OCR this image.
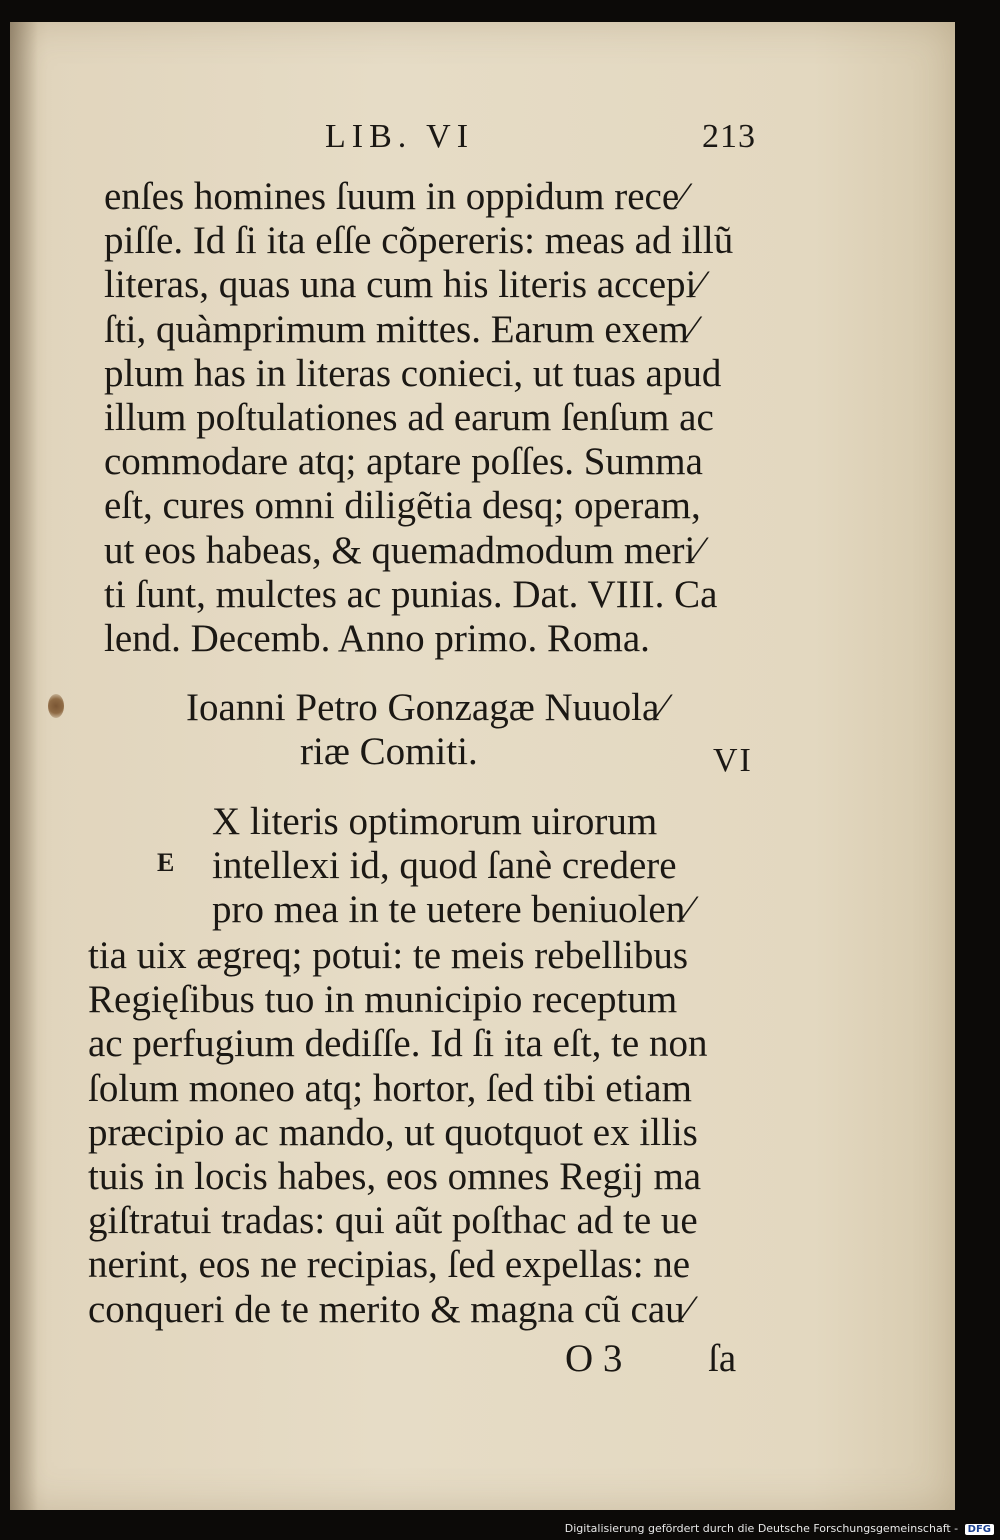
LIB. VI	213
enſes homines ſuum in oppidum rece⁄
piſſe. Id ſi ita eſſe cõpereris: meas ad illũ
literas, quas una cum his literis accepi⁄
ſti, quàmprimum mittes. Earum exem⁄
plum has in literas conieci, ut tuas apud
illum poſtulationes ad earum ſenſum ac
commodare atq; aptare poſſes. Summa
eſt, cures omni diligẽtia desq; operam,
ut eos habeas, & quemadmodum meri⁄
ti ſunt, mulctes ac punias. Dat. VIII. Ca
lend. Decemb. Anno primo. Roma.
Ioanni Petro Gonzagæ Nuuola⁄
riæ Comiti.	VI
E
X literis optimorum uirorum
intellexi id, quod ſanè credere
pro mea in te uetere beniuolen⁄
tia uix ægreq; potui: te meis rebellibus
Regięſibus tuo in municipio receptum
ac perfugium dediſſe. Id ſi ita eſt, te non
ſolum moneo atq; hortor, ſed tibi etiam
præcipio ac mando, ut quotquot ex illis
tuis in locis habes, eos omnes Regij ma
giſtratui tradas: qui aũt poſthac ad te ue
nerint, eos ne recipias, ſed expellas: ne
conqueri de te merito & magna cũ cau⁄
O 3 ſa
Digitalisierung gefördert durch die Deutsche Forschungsgemeinschaft - DFG
